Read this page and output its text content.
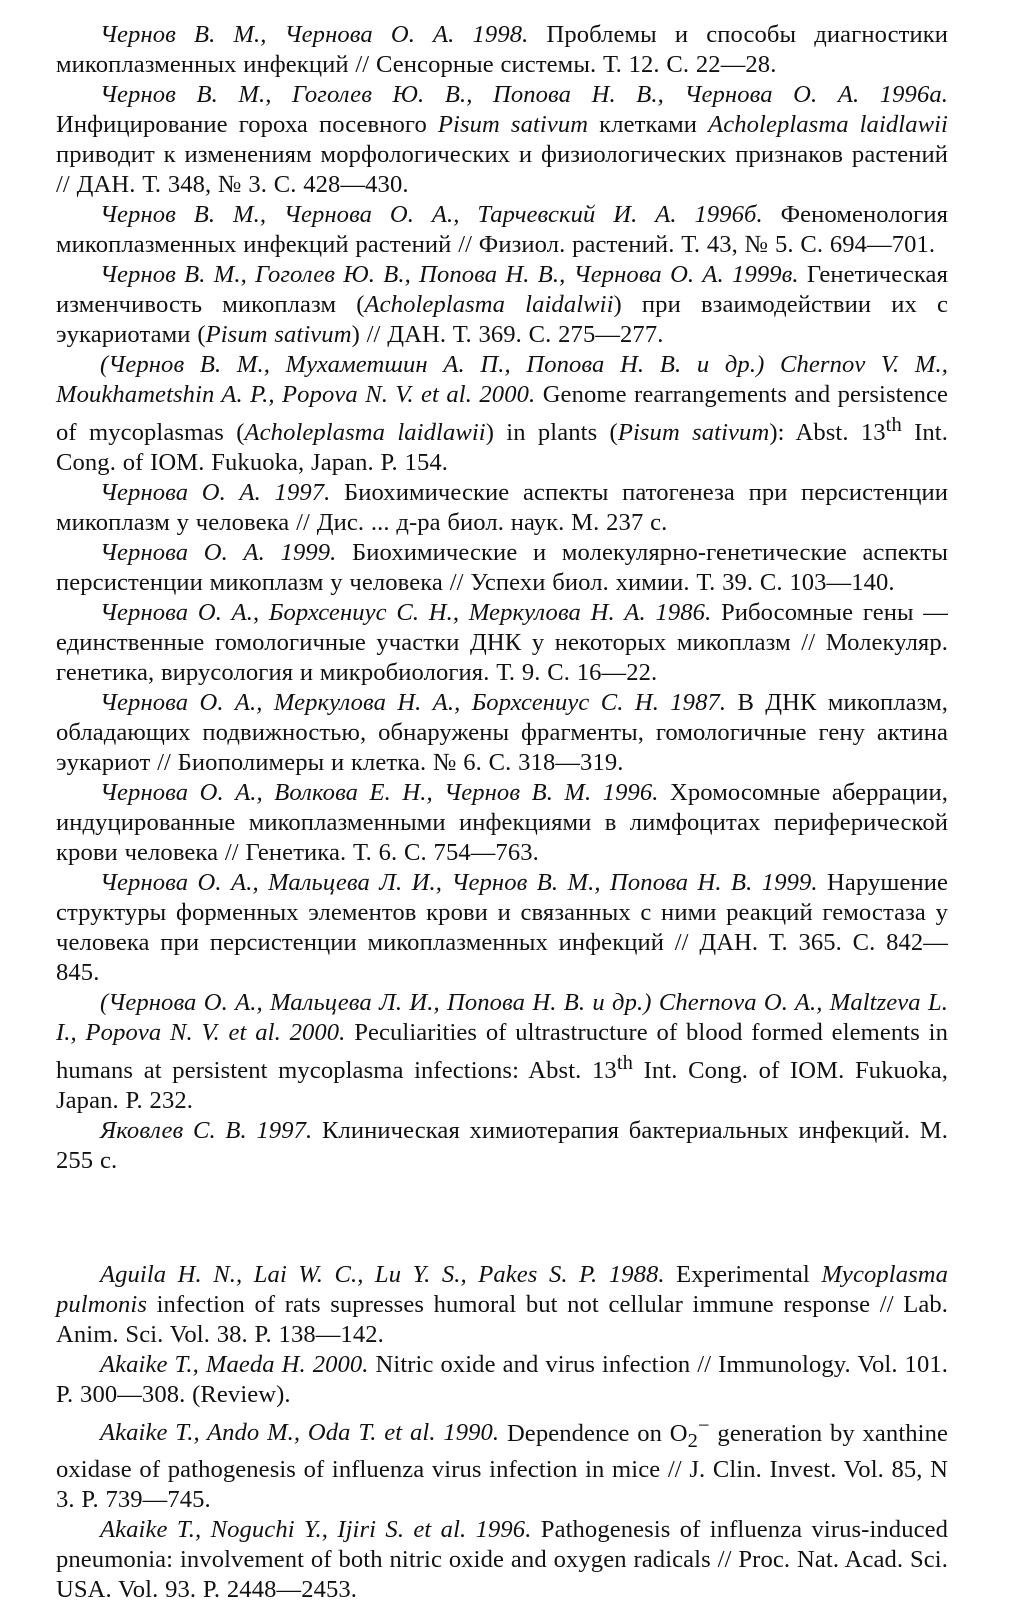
Чернов В. М., Чернова О. А. 1998. Проблемы и способы диагностики микоплазменных инфекций // Сенсорные системы. Т. 12. С. 22—28.

Чернов В. М., Гоголев Ю. В., Попова Н. В., Чернова О. А. 1996а. Инфицирование гороха посевного Pisum sativum клетками Acholeplasma laidlawii приводит к изменениям морфологических и физиологических признаков растений // ДАН. Т. 348, № 3. С. 428—430.

Чернов В. М., Чернова О. А., Тарчевский И. А. 1996б. Феноменология микоплазменных инфекций растений // Физиол. растений. Т. 43, № 5. С. 694—701.

Чернов В. М., Гоголев Ю. В., Попова Н. В., Чернова О. А. 1999в. Генетическая изменчивость микоплазм (Acholeplasma laidalwii) при взаимодействии их с эукариотами (Pisum sativum) // ДАН. Т. 369. С. 275—277.

(Чернов В. М., Мухаметшин А. П., Попова Н. В. и др.) Chernov V. M., Moukhametshin A. P., Popova N. V. et al. 2000. Genome rearrangements and persistence of mycoplasmas (Acholeplasma laidlawii) in plants (Pisum sativum): Abst. 13th Int. Cong. of IOM. Fukuoka, Japan. P. 154.

Чернова О. А. 1997. Биохимические аспекты патогенеза при персистенции микоплазм у человека // Дис. ... д-ра биол. наук. М. 237 с.

Чернова О. А. 1999. Биохимические и молекулярно-генетические аспекты персистенции микоплазм у человека // Успехи биол. химии. Т. 39. С. 103—140.

Чернова О. А., Борхсениус С. Н., Меркулова Н. А. 1986. Рибосомные гены — единственные гомологичные участки ДНК у некоторых микоплазм // Молекуляр. генетика, вирусология и микробиология. Т. 9. С. 16—22.

Чернова О. А., Меркулова Н. А., Борхсениус С. Н. 1987. В ДНК микоплазм, обладающих подвижностью, обнаружены фрагменты, гомологичные гену актина эукариот // Биополимеры и клетка. № 6. С. 318—319.

Чернова О. А., Волкова Е. Н., Чернов В. М. 1996. Хромосомные аберрации, индуцированные микоплазменными инфекциями в лимфоцитах периферической крови человека // Генетика. Т. 6. С. 754—763.

Чернова О. А., Мальцева Л. И., Чернов В. М., Попова Н. В. 1999. Нарушение структуры форменных элементов крови и связанных с ними реакций гемостаза у человека при персистенции микоплазменных инфекций // ДАН. Т. 365. С. 842—845.

(Чернова О. А., Мальцева Л. И., Попова Н. В. и др.) Chernova O. A., Maltzeva L. I., Popova N. V. et al. 2000. Peculiarities of ultrastructure of blood formed elements in humans at persistent mycoplasma infections: Abst. 13th Int. Cong. of IOM. Fukuoka, Japan. P. 232.

Яковлев С. В. 1997. Клиническая химиотерапия бактериальных инфекций. М. 255 с.

Aguila H. N., Lai W. C., Lu Y. S., Pakes S. P. 1988. Experimental Mycoplasma pulmonis infection of rats supresses humoral but not cellular immune response // Lab. Anim. Sci. Vol. 38. P. 138—142.

Akaike T., Maeda H. 2000. Nitric oxide and virus infection // Immunology. Vol. 101. P. 300—308. (Review).

Akaike T., Ando M., Oda T. et al. 1990. Dependence on $O_2^-$ generation by xanthine oxidase of pathogenesis of influenza virus infection in mice // J. Clin. Invest. Vol. 85, N 3. P. 739—745.

Akaike T., Noguchi Y., Ijiri S. et al. 1996. Pathogenesis of influenza virus-induced pneumonia: involvement of both nitric oxide and oxygen radicals // Proc. Nat. Acad. Sci. USA. Vol. 93. P. 2448—2453.
